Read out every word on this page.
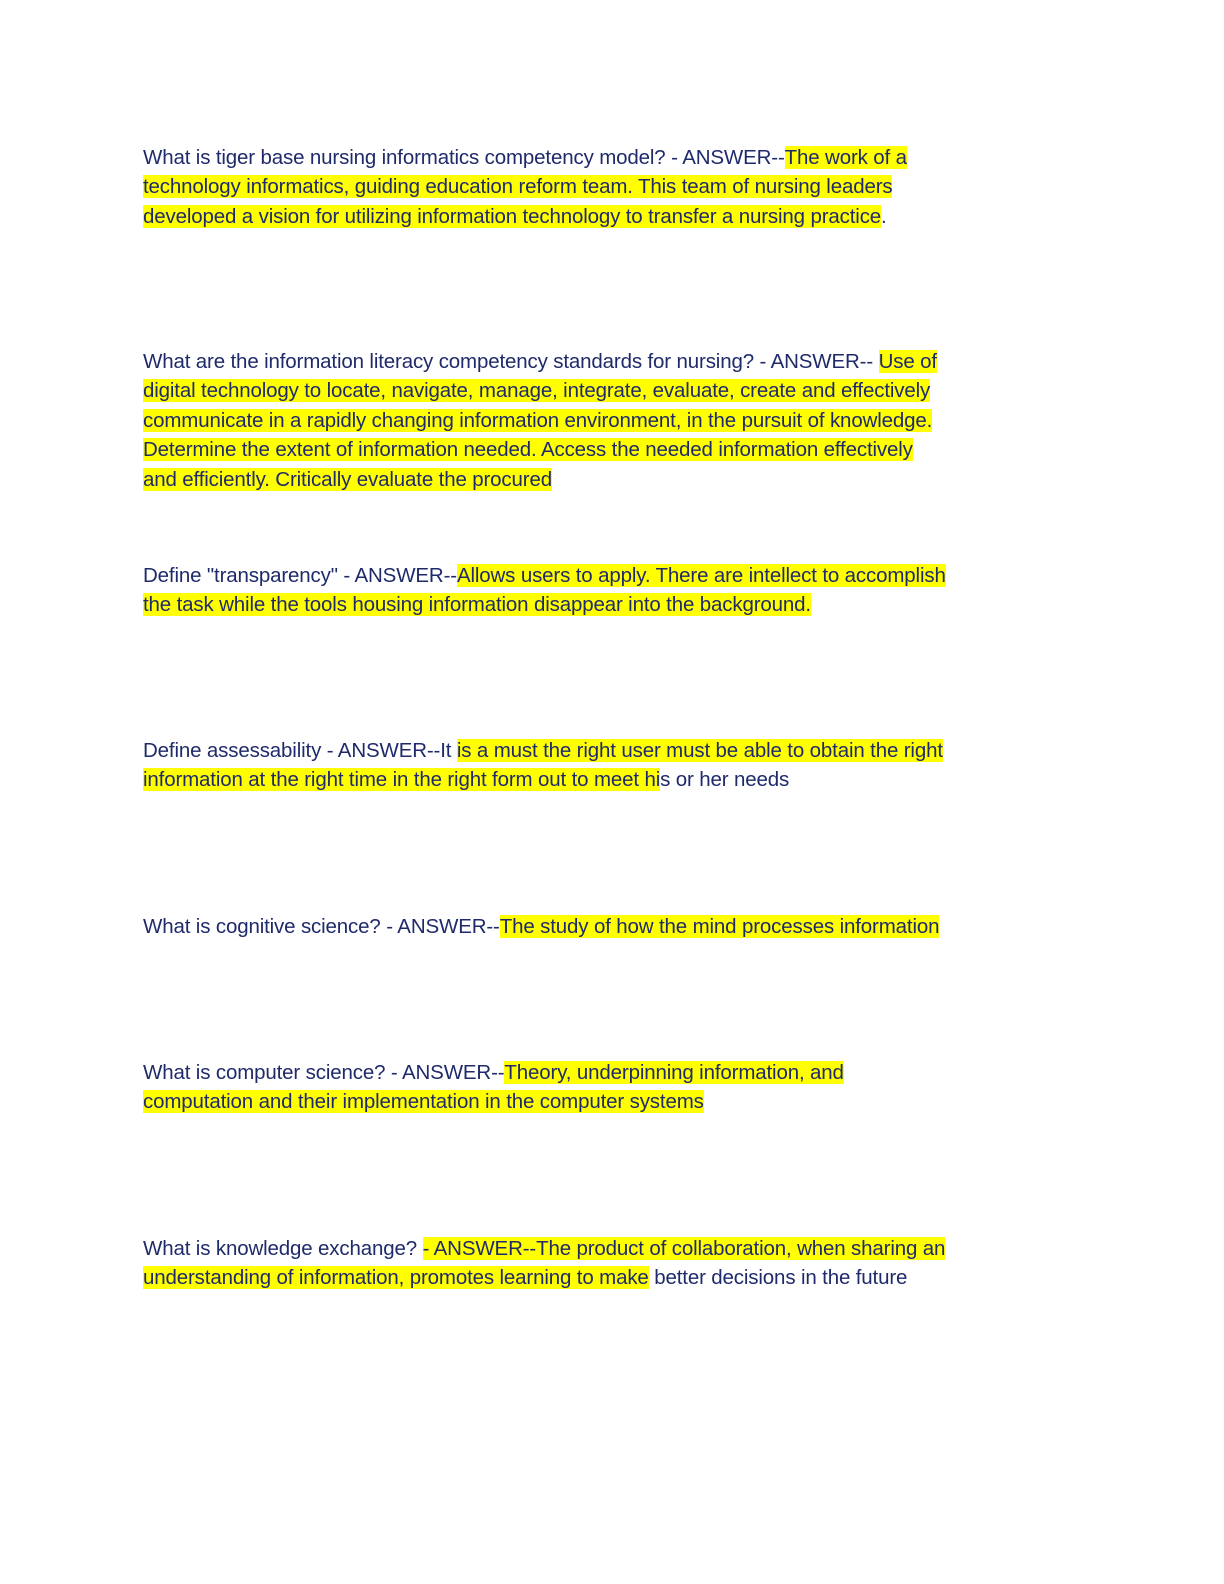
What is tiger base nursing informatics competency model? - ANSWER--The work of a
technology informatics, guiding education reform team. This team of nursing leaders
developed a vision for utilizing information technology to transfer a nursing practice.
What are the information literacy competency standards for nursing? - ANSWER-- Use of
digital technology to locate, navigate, manage, integrate, evaluate, create and effectively
communicate in a rapidly changing information environment, in the pursuit of knowledge.
Determine the extent of information needed. Access the needed information effectively
and efficiently. Critically evaluate the procured
Define "transparency" - ANSWER--Allows users to apply. There are intellect to accomplish
the task while the tools housing information disappear into the background.
Define assessability - ANSWER--It is a must the right user must be able to obtain the right
information at the right time in the right form out to meet his or her needs
What is cognitive science? - ANSWER--The study of how the mind processes information
What is computer science? - ANSWER--Theory, underpinning information, and
computation and their implementation in the computer systems
What is knowledge exchange? - ANSWER--The product of collaboration, when sharing an
understanding of information, promotes learning to make better decisions in the future
